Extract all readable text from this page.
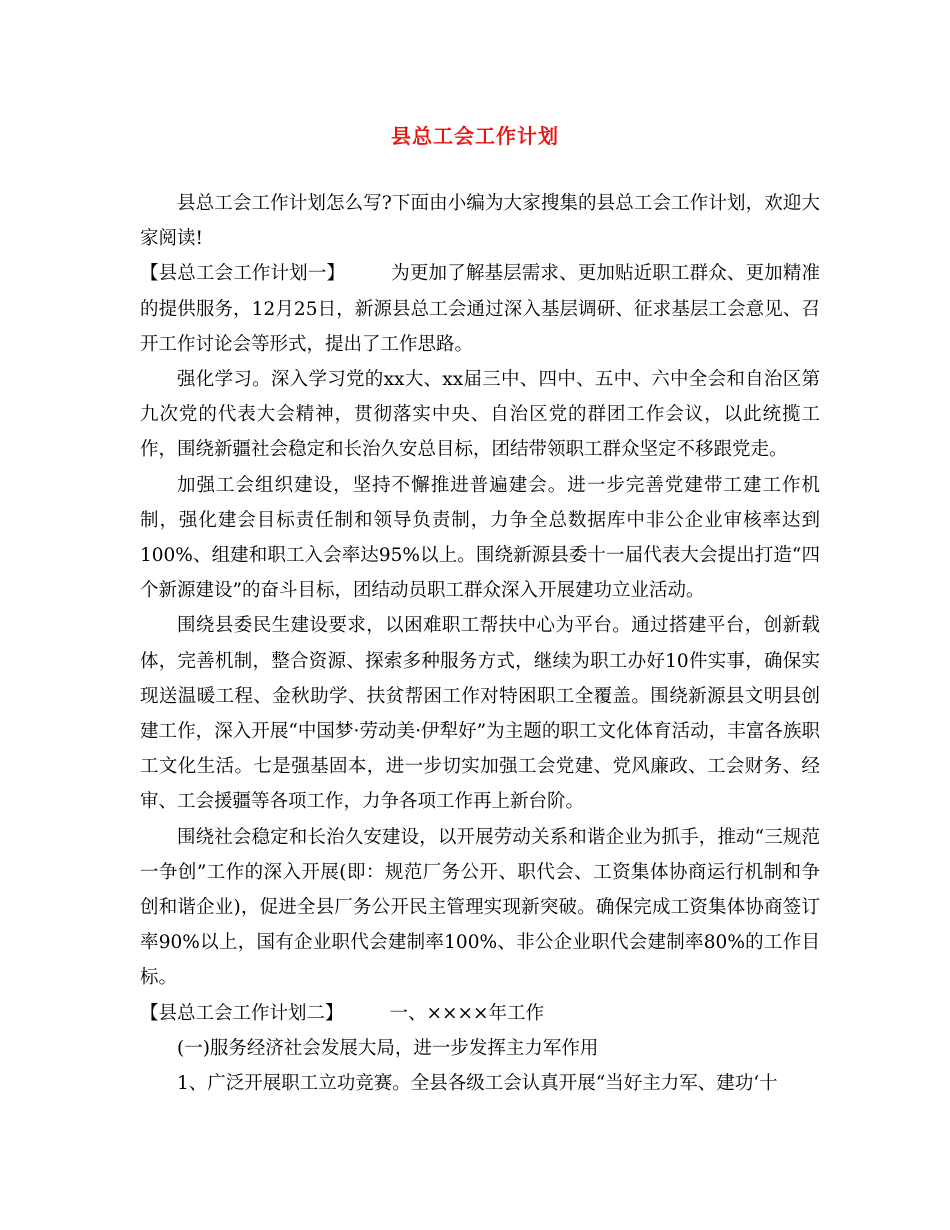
县总工会工作计划

县总工会工作计划怎么写?下面由小编为大家搜集的县总工会工作计划，欢迎大家阅读!

【县总工会工作计划一】 为更加了解基层需求、更加贴近职工群众、更加精准的提供服务，12月25日，新源县总工会通过深入基层调研、征求基层工会意见、召开工作讨论会等形式，提出了工作思路。

强化学习。深入学习党的xx大、xx届三中、四中、五中、六中全会和自治区第九次党的代表大会精神，贯彻落实中央、自治区党的群团工作会议，以此统揽工作，围绕新疆社会稳定和长治久安总目标，团结带领职工群众坚定不移跟党走。

加强工会组织建设，坚持不懈推进普遍建会。进一步完善党建带工建工作机制，强化建会目标责任制和领导负责制，力争全总数据库中非公企业审核率达到100%、组建和职工入会率达95%以上。围绕新源县委十一届代表大会提出打造“四个新源建设”的奋斗目标，团结动员职工群众深入开展建功立业活动。

围绕县委民生建设要求，以困难职工帮扶中心为平台。通过搭建平台，创新载体，完善机制，整合资源、探索多种服务方式，继续为职工办好10件实事，确保实现送温暖工程、金秋助学、扶贫帮困工作对特困职工全覆盖。围绕新源县文明县创建工作，深入开展“中国梦·劳动美·伊犁好”为主题的职工文化体育活动，丰富各族职工文化生活。七是强基固本，进一步切实加强工会党建、党风廉政、工会财务、经审、工会援疆等各项工作，力争各项工作再上新台阶。

围绕社会稳定和长治久安建设，以开展劳动关系和谐企业为抓手，推动“三规范一争创”工作的深入开展(即：规范厂务公开、职代会、工资集体协商运行机制和争创和谐企业)，促进全县厂务公开民主管理实现新突破。确保完成工资集体协商签订率90%以上，国有企业职代会建制率100%、非公企业职代会建制率80%的工作目标。

【县总工会工作计划二】 一、××××年工作

(一)服务经济社会发展大局，进一步发挥主力军作用

1、广泛开展职工立功竞赛。全县各级工会认真开展“当好主力军、建功‘十
